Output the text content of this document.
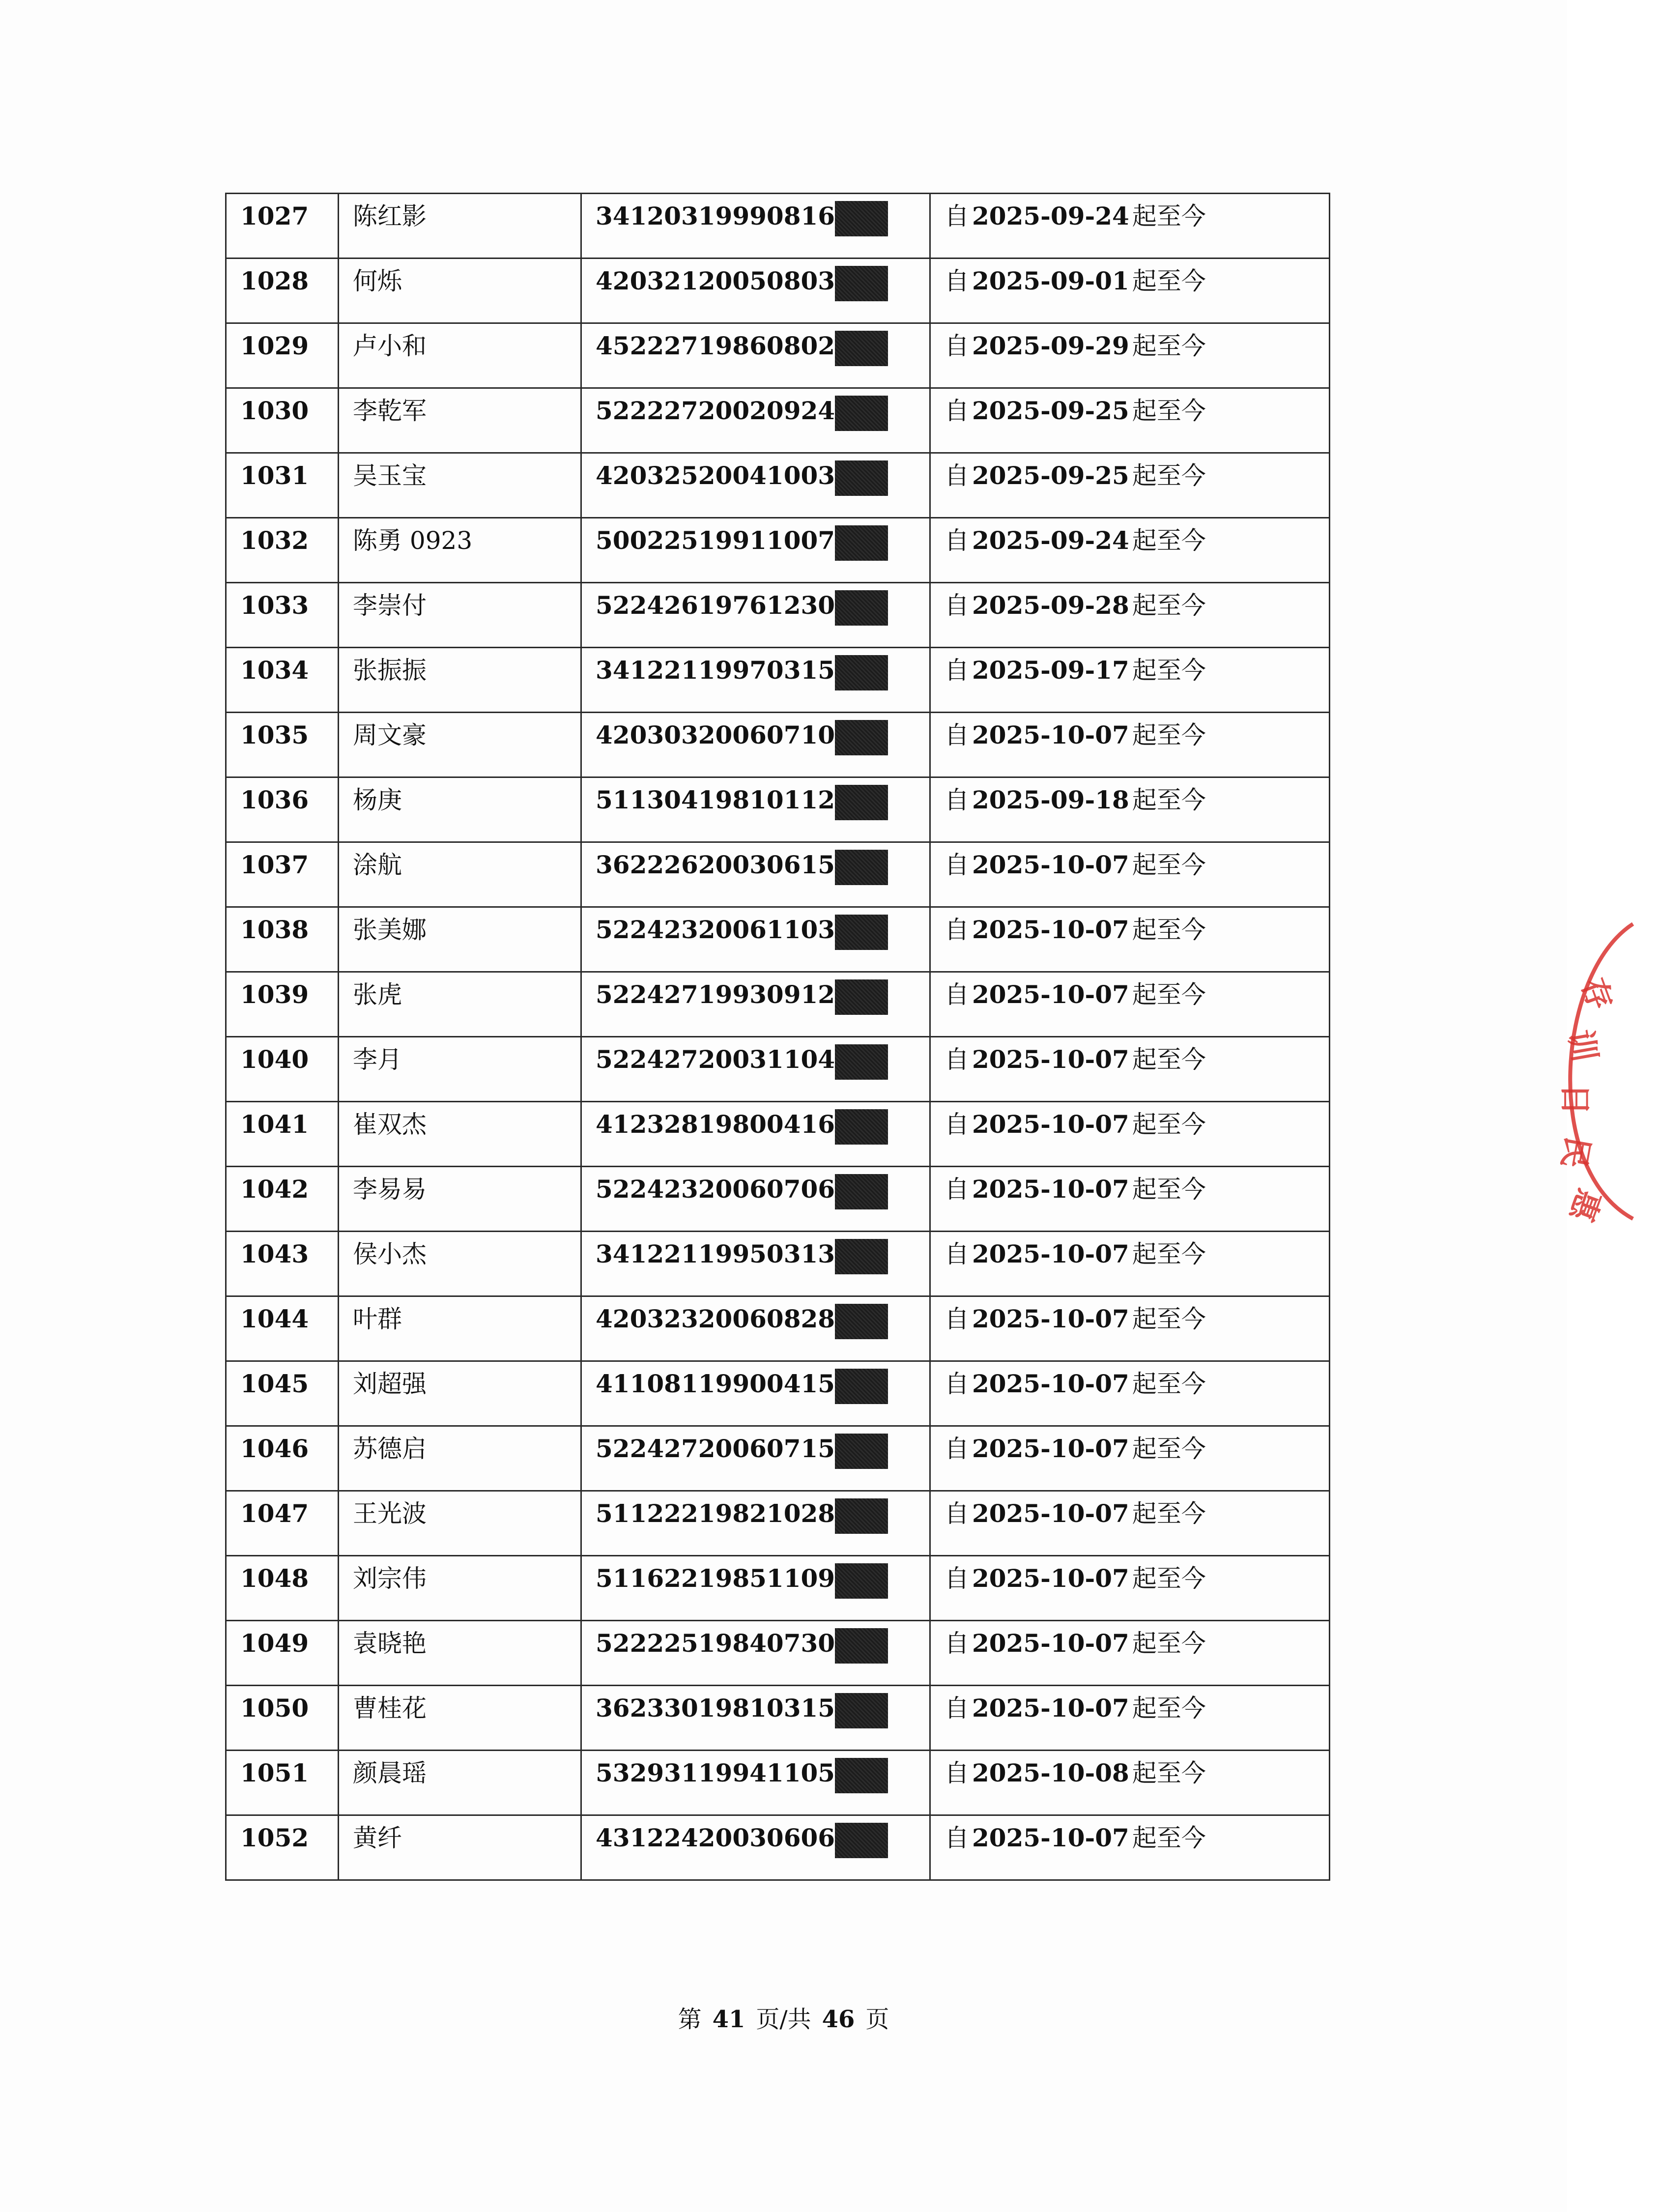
1027	陈红影	34120319990816	自 2025-09-24 起至今
1028	何烁	42032120050803	自 2025-09-01 起至今
1029	卢小和	45222719860802	自 2025-09-29 起至今
1030	李乾军	52222720020924	自 2025-09-25 起至今
1031	吴玉宝	42032520041003	自 2025-09-25 起至今
1032	陈勇 0923	50022519911007	自 2025-09-24 起至今
1033	李崇付	52242619761230	自 2025-09-28 起至今
1034	张振振	34122119970315	自 2025-09-17 起至今
1035	周文豪	42030320060710	自 2025-10-07 起至今
1036	杨庚	51130419810112	自 2025-09-18 起至今
1037	涂航	36222620030615	自 2025-10-07 起至今
1038	张美娜	52242320061103	自 2025-10-07 起至今
1039	张虎	52242719930912	自 2025-10-07 起至今
1040	李月	52242720031104	自 2025-10-07 起至今
1041	崔双杰	41232819800416	自 2025-10-07 起至今
1042	李易易	52242320060706	自 2025-10-07 起至今
1043	侯小杰	34122119950313	自 2025-10-07 起至今
1044	叶群	42032320060828	自 2025-10-07 起至今
1045	刘超强	41108119900415	自 2025-10-07 起至今
1046	苏德启	52242720060715	自 2025-10-07 起至今
1047	王光波	51122219821028	自 2025-10-07 起至今
1048	刘宗伟	51162219851109	自 2025-10-07 起至今
1049	袁晓艳	52222519840730	自 2025-10-07 起至今
1050	曹桂花	36233019810315	自 2025-10-07 起至今
1051	颜晨瑶	53293119941105	自 2025-10-08 起至今
1052	黄纤	43122420030606	自 2025-10-07 起至今
第 41 页/共 46 页
存
训
日
民
惠
